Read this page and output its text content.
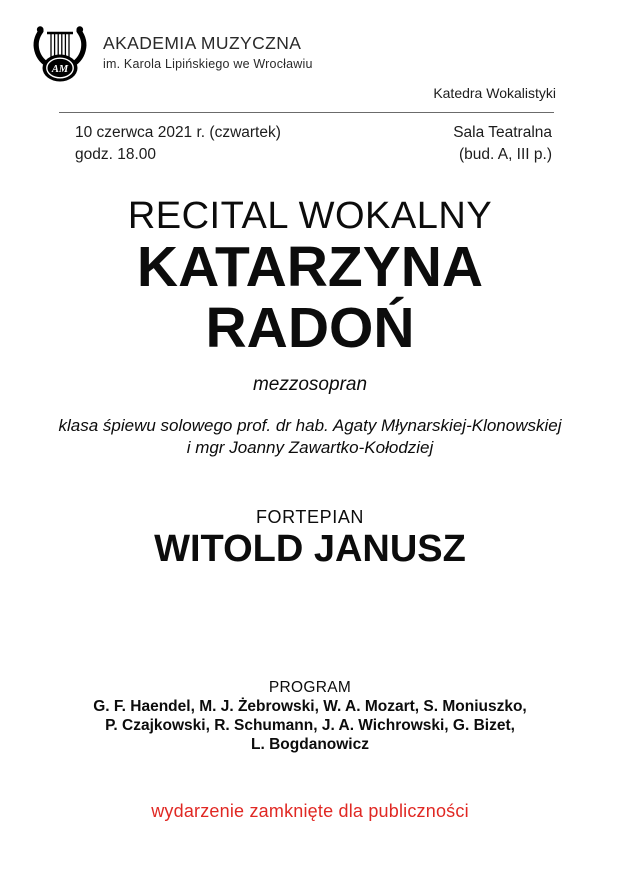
AM
AKADEMIA MUZYCZNA
im. Karola Lipińskiego we Wrocławiu
Katedra Wokalistyki
10 czerwca 2021 r. (czwartek)
godz. 18.00
Sala Teatralna
(bud. A, III p.)
RECITAL WOKALNY
KATARZYNA RADOŃ
mezzosopran
klasa śpiewu solowego prof. dr hab. Agaty Młynarskiej-Klonowskiej
i mgr Joanny Zawartko-Kołodziej
FORTEPIAN
WITOLD JANUSZ
PROGRAM
G. F. Haendel, M. J. Żebrowski, W. A. Mozart, S. Moniuszko,
P. Czajkowski, R. Schumann, J. A. Wichrowski, G. Bizet,
L. Bogdanowicz
wydarzenie zamknięte dla publiczności
